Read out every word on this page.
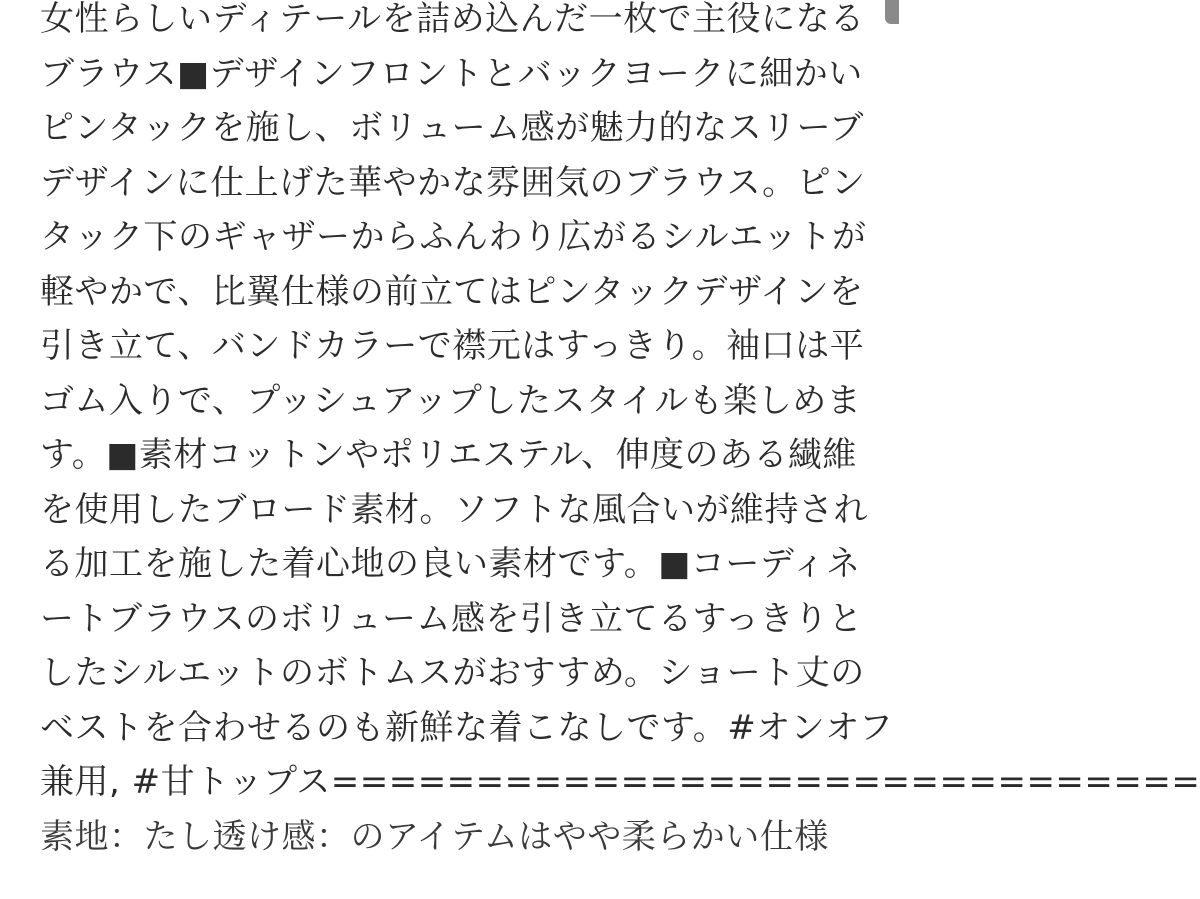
女性らしいディテールを詰め込んだ一枚で主役になる
ブラウス■デザインフロントとバックヨークに細かい
ピンタックを施し、ボリューム感が魅力的なスリーブ
デザインに仕上げた華やかな雰囲気のブラウス。ピン
タック下のギャザーからふんわり広がるシルエットが
軽やかで、比翼仕様の前立てはピンタックデザインを
引き立て、バンドカラーで襟元はすっきり。袖口は平
ゴム入りで、プッシュアップしたスタイルも楽しめま
す。■素材コットンやポリエステル、伸度のある繊維
を使用したブロード素材。ソフトな風合いが維持され
る加工を施した着心地の良い素材です。■コーディネ
ートブラウスのボリューム感を引き立てるすっきりと
したシルエットのボトムスがおすすめ。ショート丈の
ベストを合わせるのも新鮮な着こなしです。#オンオフ
兼用, #甘トップス==============================
素地：たし透け感：のアイテムはやや柔らかい仕様
